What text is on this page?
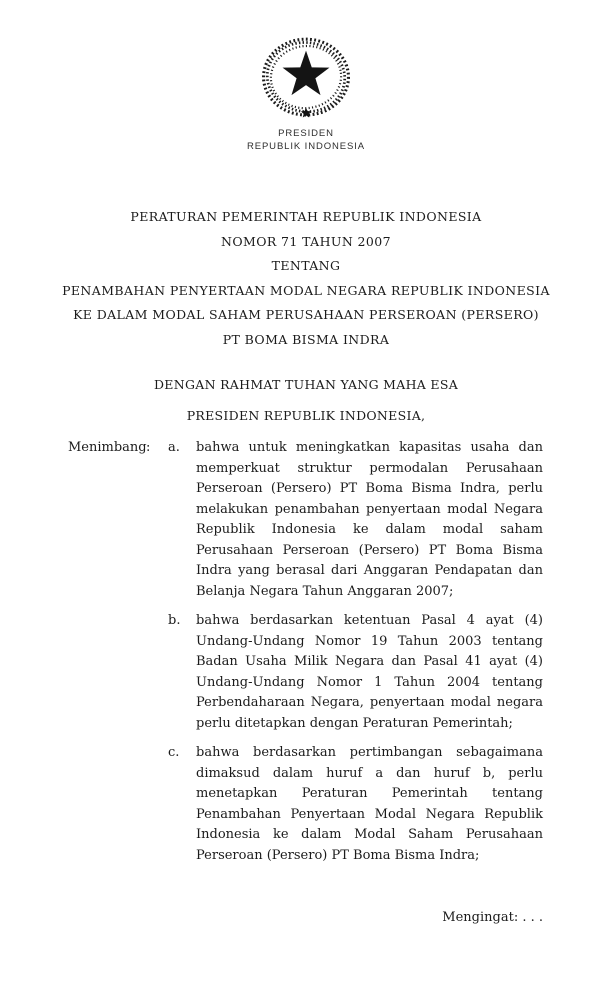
PRESIDEN
REPUBLIK INDONESIA
PERATURAN PEMERINTAH REPUBLIK INDONESIA
NOMOR 71 TAHUN 2007
TENTANG
PENAMBAHAN PENYERTAAN MODAL NEGARA REPUBLIK INDONESIA
KE DALAM MODAL SAHAM PERUSAHAAN PERSEROAN (PERSERO)
PT BOMA BISMA INDRA
DENGAN RAHMAT TUHAN YANG MAHA ESA
PRESIDEN REPUBLIK INDONESIA,
Menimbang :	a.	bahwa untuk meningkatkan kapasitas usaha dan memperkuat struktur permodalan Perusahaan Perseroan (Persero) PT Boma Bisma Indra, perlu melakukan penambahan penyertaan modal Negara Republik Indonesia ke dalam modal saham Perusahaan Perseroan (Persero) PT Boma Bisma Indra yang berasal dari Anggaran Pendapatan dan Belanja Negara Tahun Anggaran 2007;

b.	bahwa berdasarkan ketentuan Pasal 4 ayat (4) Undang-Undang Nomor 19 Tahun 2003 tentang Badan Usaha Milik Negara dan Pasal 41 ayat (4) Undang-Undang Nomor 1 Tahun 2004 tentang Perbendaharaan Negara, penyertaan modal negara perlu ditetapkan dengan Peraturan Pemerintah;

c.	bahwa berdasarkan pertimbangan sebagaimana dimaksud dalam huruf a dan huruf b, perlu menetapkan Peraturan Pemerintah tentang Penambahan Penyertaan Modal Negara Republik Indonesia ke dalam Modal Saham Perusahaan Perseroan (Persero) PT Boma Bisma Indra;

Mengingat: . . .
